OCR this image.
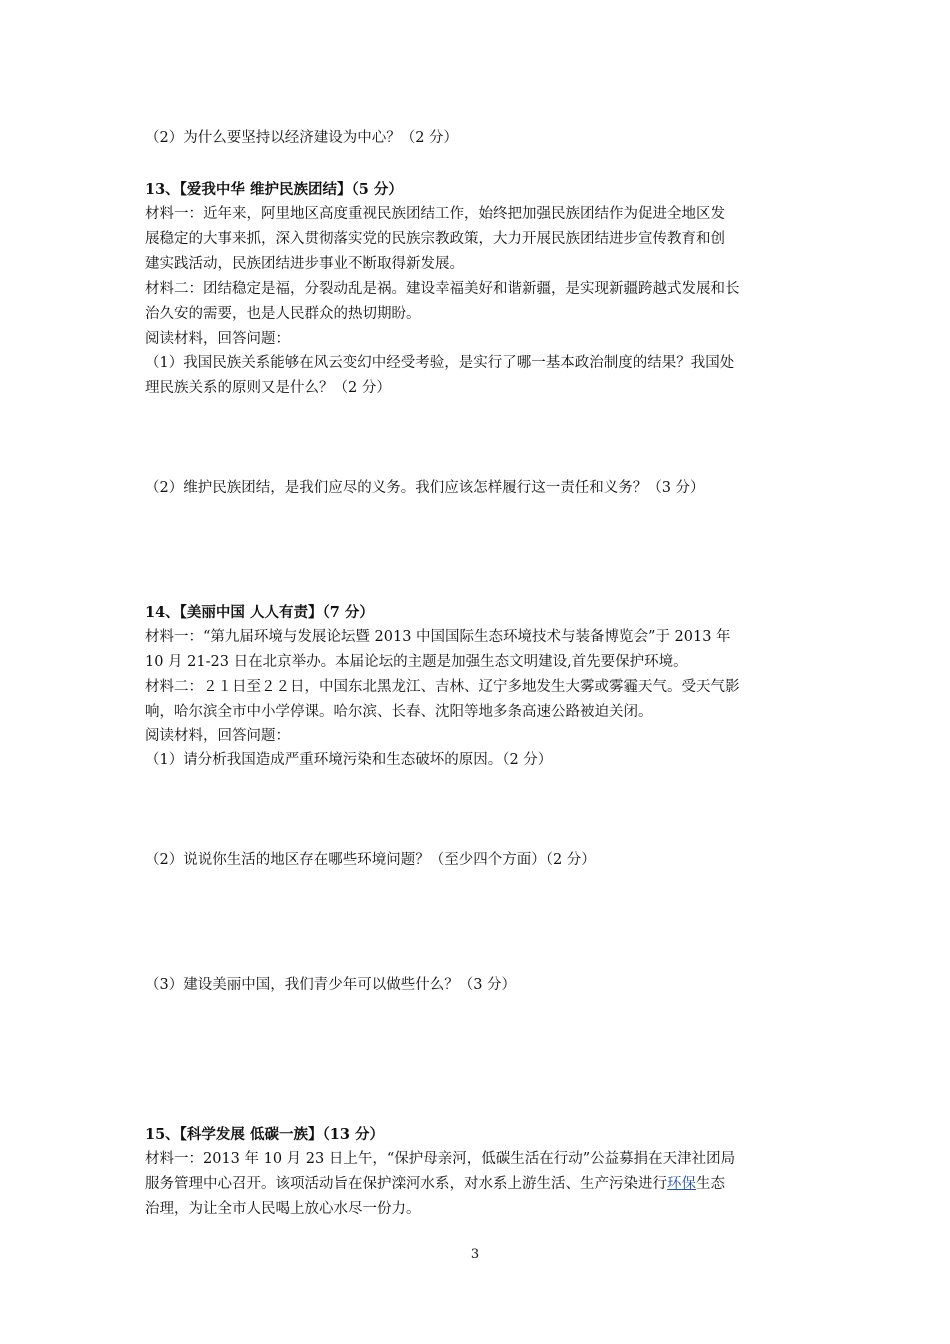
（2）为什么要坚持以经济建设为中心？（2 分）
13、【爱我中华 维护民族团结】（5 分）
材料一：近年来，阿里地区高度重视民族团结工作，始终把加强民族团结作为促进全地区发
展稳定的大事来抓，深入贯彻落实党的民族宗教政策，大力开展民族团结进步宣传教育和创
建实践活动，民族团结进步事业不断取得新发展。
材料二：团结稳定是福，分裂动乱是祸。建设幸福美好和谐新疆，是实现新疆跨越式发展和长
治久安的需要，也是人民群众的热切期盼。
阅读材料，回答问题：
（1）我国民族关系能够在风云变幻中经受考验，是实行了哪一基本政治制度的结果？我国处
理民族关系的原则又是什么？（2 分）
（2）维护民族团结，是我们应尽的义务。我们应该怎样履行这一责任和义务？（3 分）
14、【美丽中国 人人有责】（7 分）
材料一：“第九届环境与发展论坛暨 2013 中国国际生态环境技术与装备博览会”于 2013 年
10 月 21-23 日在北京举办。本届论坛的主题是加强生态文明建设,首先要保护环境。
材料二：２１日至２２日，中国东北黑龙江、吉林、辽宁多地发生大雾或雾霾天气。受天气影
响，哈尔滨全市中小学停课。哈尔滨、长春、沈阳等地多条高速公路被迫关闭。
阅读材料，回答问题：
（1）请分析我国造成严重环境污染和生态破坏的原因。（2 分）
（2）说说你生活的地区存在哪些环境问题？（至少四个方面）（2 分）
（3）建设美丽中国，我们青少年可以做些什么？（3 分）
15、【科学发展 低碳一族】（13 分）
材料一：2013 年 10 月 23 日上午，“保护母亲河，低碳生活在行动”公益募捐在天津社团局
服务管理中心召开。该项活动旨在保护滦河水系，对水系上游生活、生产污染进行环保生态
治理，为让全市人民喝上放心水尽一份力。
3
